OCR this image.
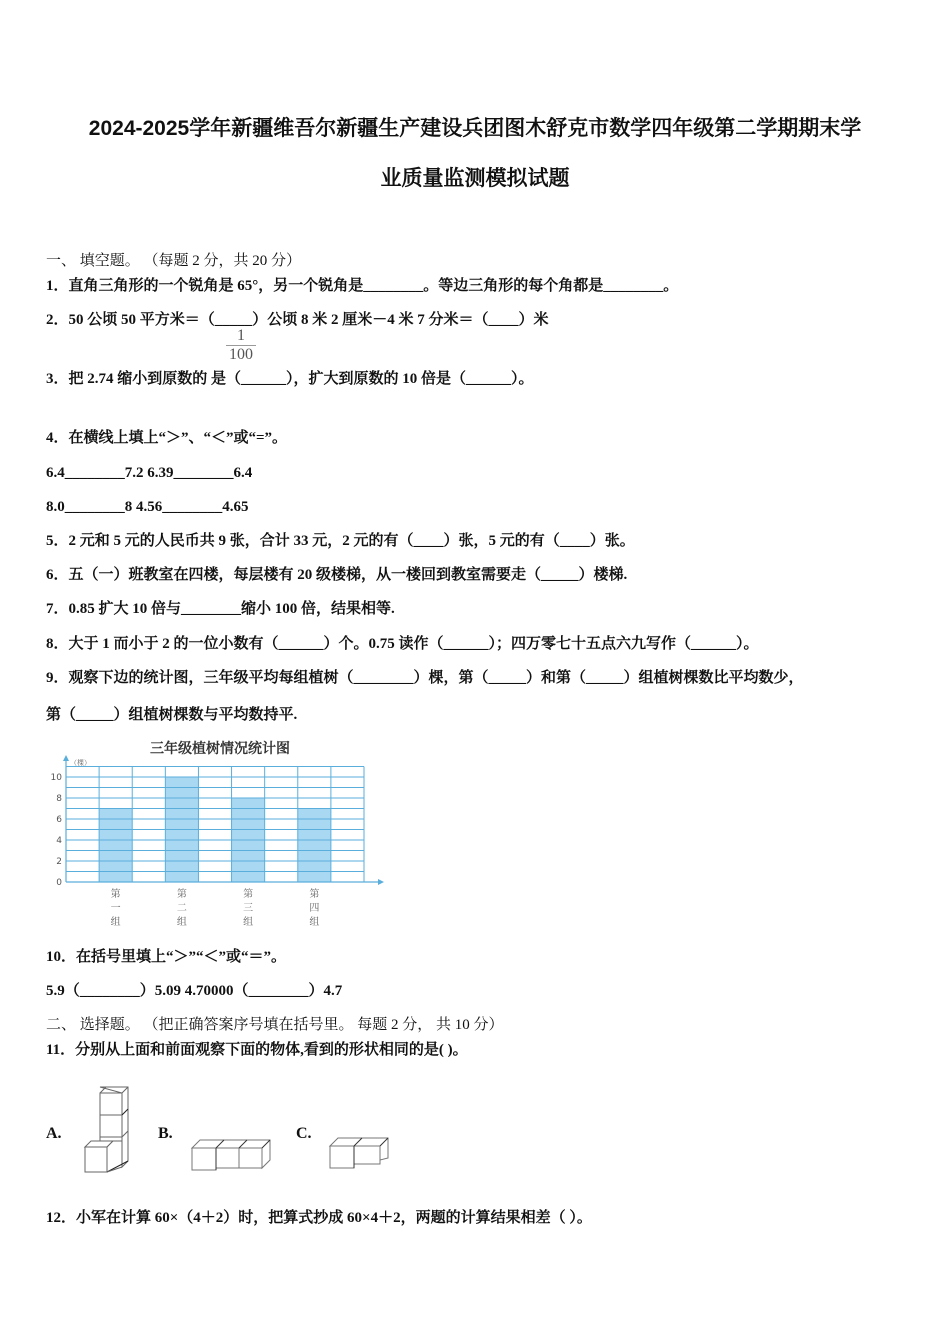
2024-2025学年新疆维吾尔新疆生产建设兵团图木舒克市数学四年级第二学期期末学
业质量监测模拟试题
一、 填空题。 （每题 2 分，共 20 分）
1．直角三角形的一个锐角是 65°，另一个锐角是________。等边三角形的每个角都是________。
2．50 公顷 50 平方米＝（_____）公顷 8 米 2 厘米－4 米 7 分米＝（____）米
1
100
3．把 2.74 缩小到原数的 是（______），扩大到原数的 10 倍是（______）。
4．在横线上填上“＞”、“＜”或“=”。
6.4________7.2 6.39________6.4
8.0________8 4.56________4.65
5．2 元和 5 元的人民币共 9 张，合计 33 元，2 元的有（____）张，5 元的有（____）张。
6．五（一）班教室在四楼，每层楼有 20 级楼梯，从一楼回到教室需要走（_____）楼梯.
7．0.85 扩大 10 倍与________缩小 100 倍，结果相等.
8．大于 1 而小于 2 的一位小数有（______）个。0.75 读作（______）；四万零七十五点六九写作（______）。
9．观察下边的统计图，三年级平均每组植树（________）棵，第（_____）和第（_____）组植树棵数比平均数少，
第（_____）组植树棵数与平均数持平.
三年级植树情况统计图
（棵）
0
2
4
6
8
10
第
一
组
第
二
组
第
三
组
第
四
组
10．在括号里填上“＞”“＜”或“＝”。
5.9（________）5.09 4.70000（________）4.7
二、 选择题。 （把正确答案序号填在括号里。 每题 2 分， 共 10 分）
11．分别从上面和前面观察下面的物体,看到的形状相同的是( )。
A.	B.	C.
12．小军在计算 60×（4＋2）时，把算式抄成 60×4＋2，两题的计算结果相差（ ）。
